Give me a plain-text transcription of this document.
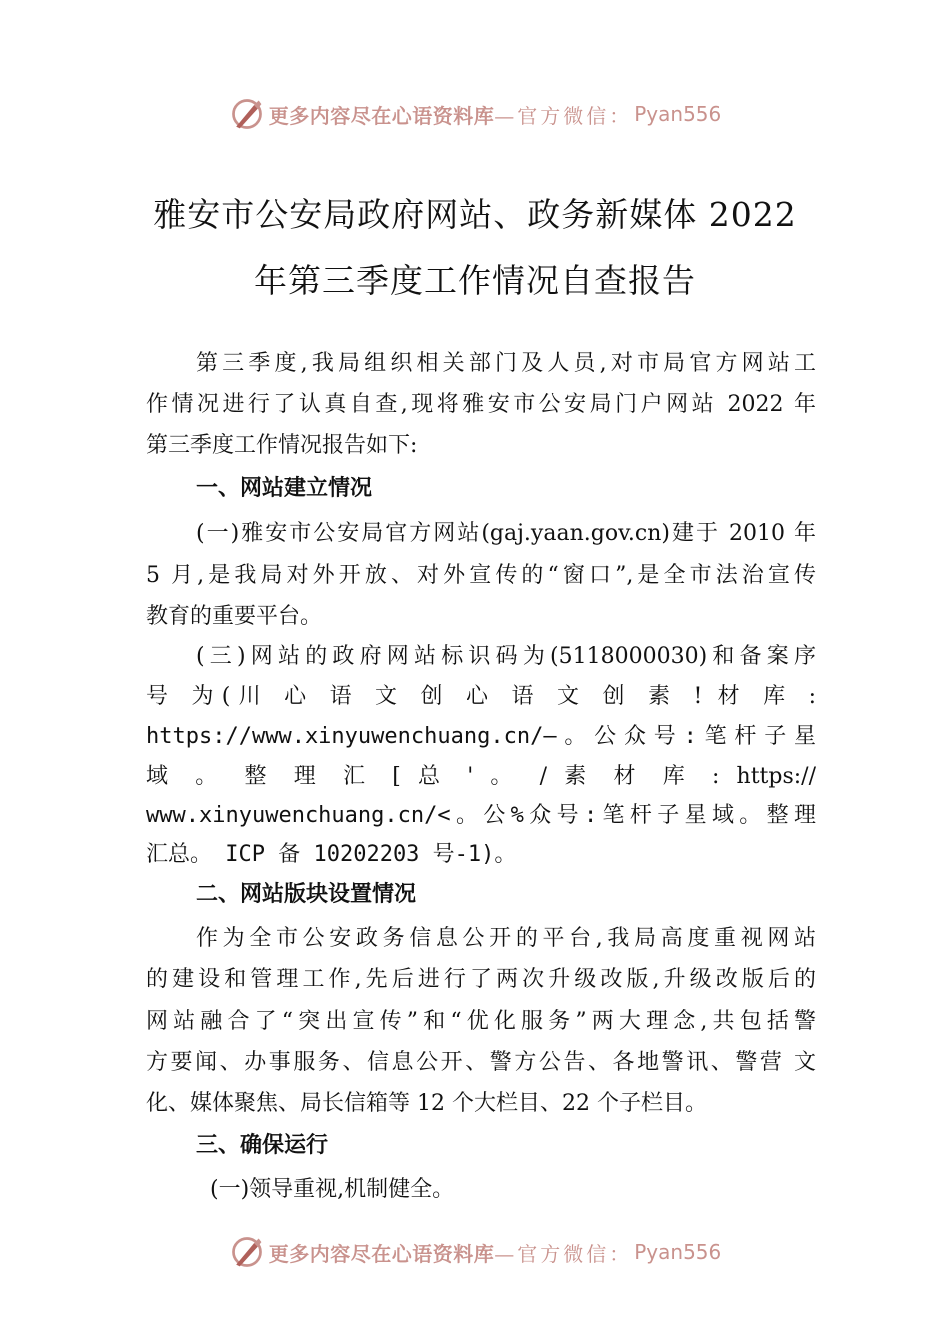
更多内容尽在心语资料库 —官方微信： Pyan556
雅安市公安局政府网站、政务新媒体 2022
年第三季度工作情况自查报告
第三季度,我局组织相关部门及人员,对市局官方网站工
作情况进行了认真自查,现将雅安市公安局门户网站 2022 年
第三季度工作情况报告如下:
一、网站建立情况
(一)雅安市公安局官方网站(gaj.yaan.gov.cn)建于 2010 年
5 月,是我局对外开放、对外宣传的“窗口”,是全市法治宣传
教育的重要平台。
(三)网站的政府网站标识码为(5118000030)和备案序
号 为(川 心 语 文 创 心 语 文 创 素 ! 材 库 :
https://www.xinyuwenchuang.cn/—。公众号:笔杆子星
域 。 整 理 汇 [ 总 ' 。 / 素 材 库 : https://
www.xinyuwenchuang.cn/<。公%众号:笔杆子星域。整理
汇总。 ICP 备 10202203 号-1)。
二、网站版块设置情况
作为全市公安政务信息公开的平台,我局高度重视网站
的建设和管理工作,先后进行了两次升级改版,升级改版后的
网站融合了“突出宣传”和“优化服务”两大理念,共包括警
方要闻、办事服务、信息公开、警方公告、各地警讯、警营 文
化、媒体聚焦、局长信箱等 12 个大栏目、22 个子栏目。
三、确保运行
(一)领导重视,机制健全。
更多内容尽在心语资料库 —官方微信： Pyan556
